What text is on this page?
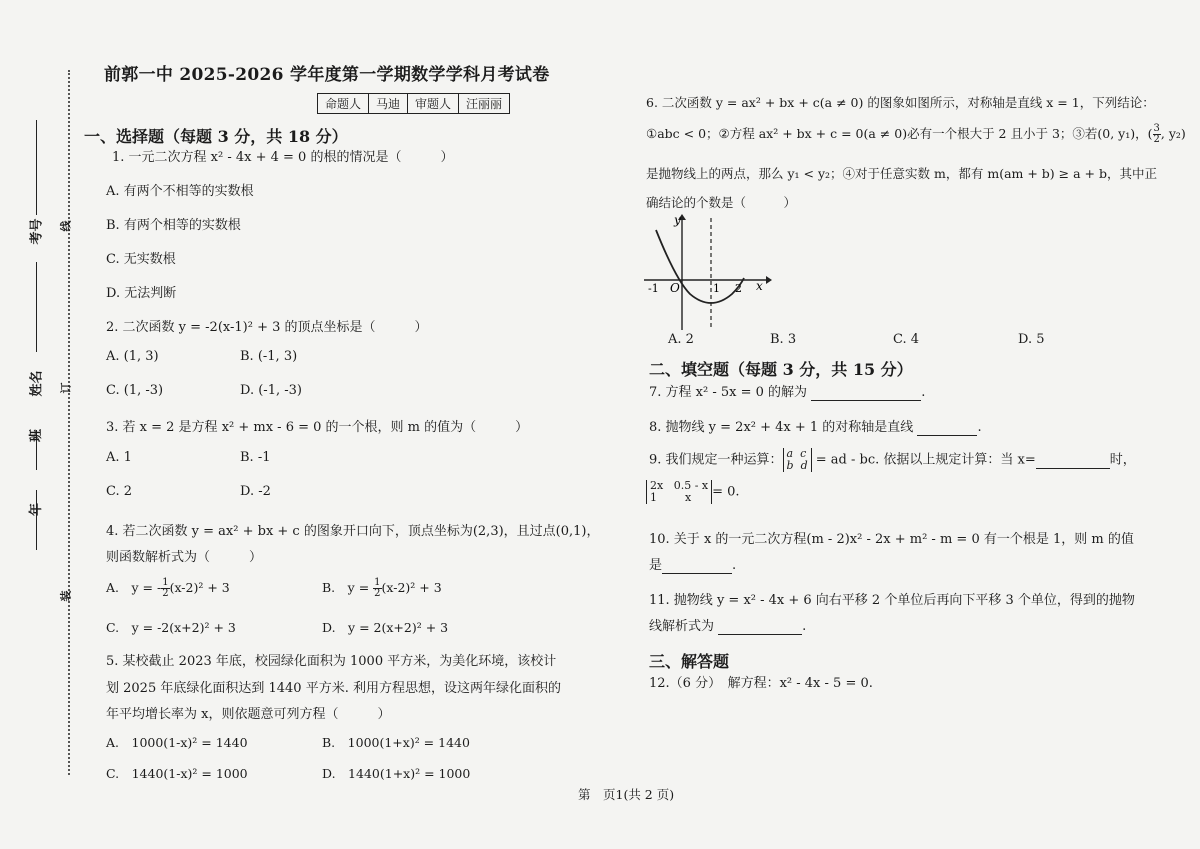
考号
姓名
班
年
线
订
装
前郭一中 2025-2026 学年度第一学期数学学科月考试卷
命题人	马迪	审题人	汪丽丽
一、选择题（每题 3 分，共 18 分）
1. 一元二次方程 x² - 4x + 4 = 0 的根的情况是（　　　）
A. 有两个不相等的实数根
B. 有两个相等的实数根
C. 无实数根
D. 无法判断
2. 二次函数 y = -2(x-1)² + 3 的顶点坐标是（　　　）
A. (1, 3)	B. (-1, 3)
C. (1, -3)	D. (-1, -3)
3. 若 x = 2 是方程 x² + mx - 6 = 0 的一个根，则 m 的值为（　　　）
A. 1	B. -1
C. 2	D. -2
4. 若二次函数 y = ax² + bx + c 的图象开口向下，顶点坐标为(2,3)，且过点(0,1)，
则函数解析式为（　　　）
A.　y = - $\frac{1}{2} (x-2)^2 + 3$	B.　$y = \frac{1}{2} (x-2)^2 + 3$
C.　y = -2(x+2)² + 3	D.　y = 2(x+2)² + 3
5. 某校截止 2023 年底，校园绿化面积为 1000 平方米，为美化环境，该校计
划 2025 年底绿化面积达到 1440 平方米. 利用方程思想，设这两年绿化面积的
年平均增长率为 x，则依题意可列方程（　　　）
A.　1000(1-x)² = 1440	B.　1000(1+x)² = 1440
C.　1440(1-x)² = 1000	D.　1440(1+x)² = 1000
6. 二次函数 y = ax² + bx + c(a ≠ 0) 的图象如图所示，对称轴是直线 x = 1，下列结论：
①abc < 0；②方程 ax² + bx + c = 0(a ≠ 0)必有一个根大于 2 且小于 3；③若(0, y₁)，( $\frac{3}{2}$ , y₂)
是抛物线上的两点，那么 y₁ < y₂；④对于任意实数 m，都有 m(am + b) ≥ a + b，其中正
确结论的个数是（　　　）
y
x
O
-1	1 2
A. 2	B. 3	C. 4	D. 5
二、填空题（每题 3 分，共 15 分）
7. 方程 x² - 5x = 0 的解为	.
8. 抛物线 y = 2x² + 4x + 1 的对称轴是直线	.
9. 我们规定一种运算： a c
b d = ad - bc. 依据以上规定计算：当 x=	时，
2x 0.5 - x
1	x = 0.
10. 关于 x 的一元二次方程(m - 2)x² - 2x + m² - m = 0 有一个根是 1，则 m 的值
是	.
11. 抛物线 y = x² - 4x + 6 向右平移 2 个单位后再向下平移 3 个单位，得到的抛物
线解析式为	.
三、解答题
12.（6 分）　解方程：x² - 4x - 5 = 0.
第　页1(共 2 页)
